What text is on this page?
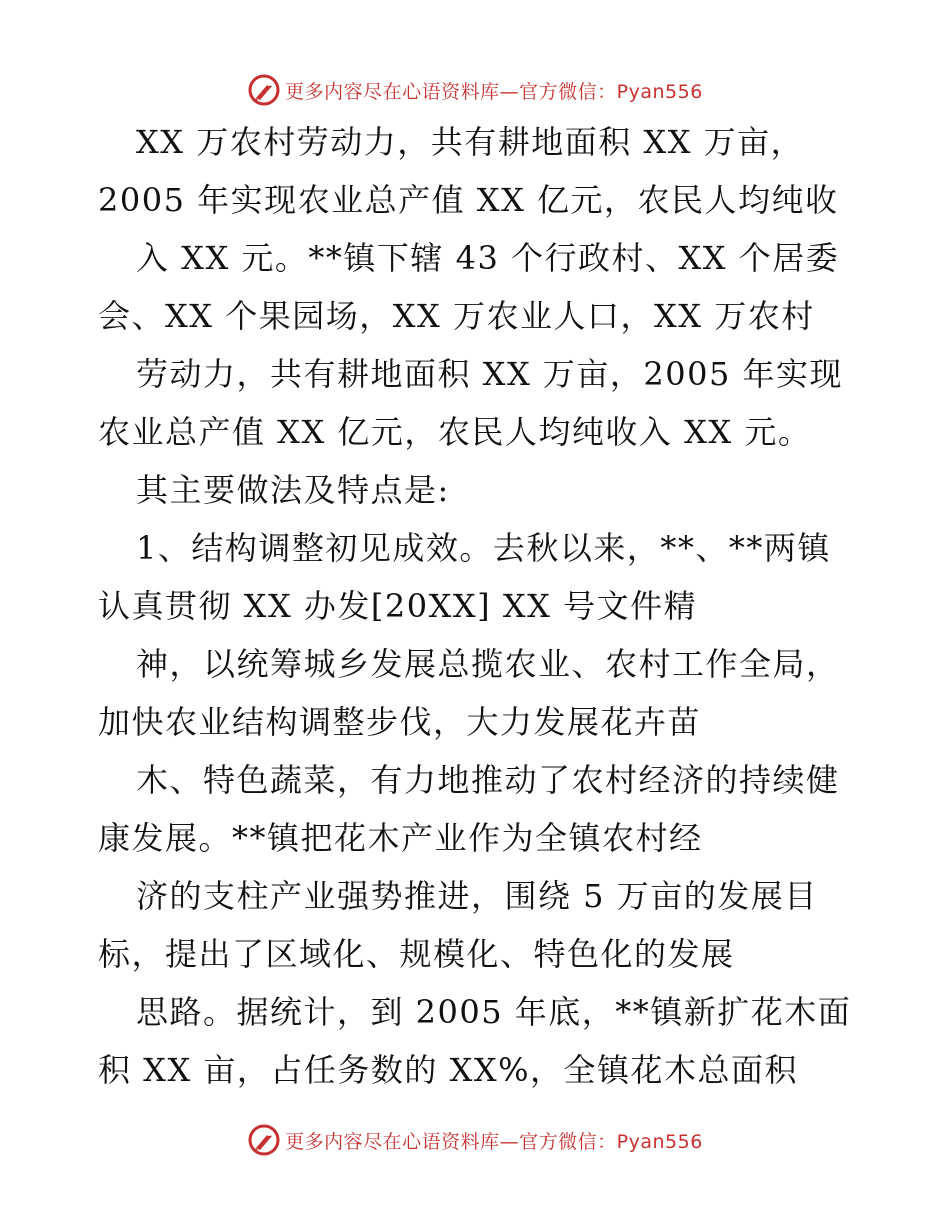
更多内容尽在心语资料库—官方微信：Pyan556
XX 万农村劳动力，共有耕地面积 XX 万亩，
2005 年实现农业总产值 XX 亿元，农民人均纯收
入 XX 元。**镇下辖 43 个行政村、XX 个居委
会、XX 个果园场，XX 万农业人口，XX 万农村
劳动力，共有耕地面积 XX 万亩，2005 年实现
农业总产值 XX 亿元，农民人均纯收入 XX 元。
其主要做法及特点是:
1、结构调整初见成效。去秋以来，**、**两镇
认真贯彻 XX 办发[20XX] XX 号文件精
神，以统筹城乡发展总揽农业、农村工作全局，
加快农业结构调整步伐，大力发展花卉苗
木、特色蔬菜，有力地推动了农村经济的持续健
康发展。**镇把花木产业作为全镇农村经
济的支柱产业强势推进，围绕 5 万亩的发展目
标，提出了区域化、规模化、特色化的发展
思路。据统计，到 2005 年底，**镇新扩花木面
积 XX 亩，占任务数的 XX%，全镇花木总面积
更多内容尽在心语资料库—官方微信：Pyan556
